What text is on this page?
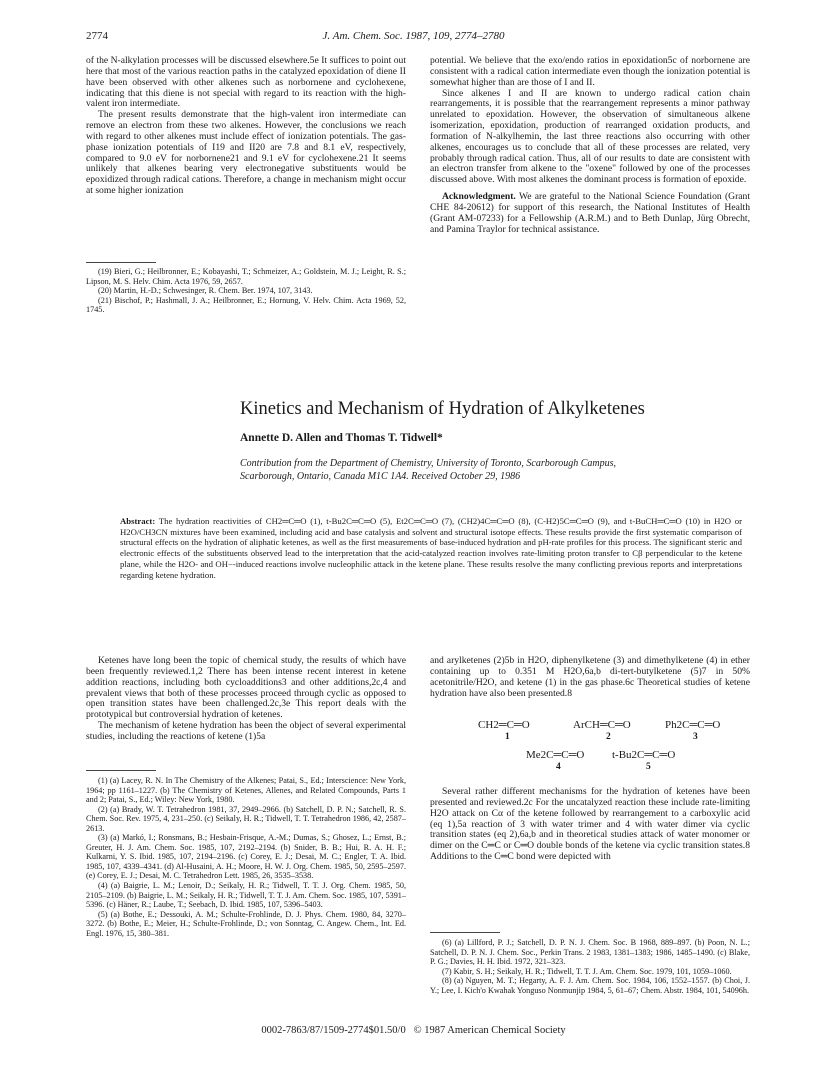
2774	J. Am. Chem. Soc. 1987, 109, 2774–2780

of the N-alkylation processes will be discussed elsewhere.5e It suffices to point out here that most of the various reaction paths in the catalyzed epoxidation of diene II have been observed with other alkenes such as norbornene and cyclohexene, indicating that this diene is not special with regard to its reaction with the high-valent iron intermediate.

The present results demonstrate that the high-valent iron intermediate can remove an electron from these two alkenes. However, the conclusions we reach with regard to other alkenes must include effect of ionization potentials. The gas-phase ionization potentials of I19 and II20 are 7.8 and 8.1 eV, respectively, compared to 9.0 eV for norbornene21 and 9.1 eV for cyclohexene.21 It seems unlikely that alkenes bearing very electronegative substituents would be epoxidized through radical cations. Therefore, a change in mechanism might occur at some higher ionization

(19) Bieri, G.; Heilbronner, E.; Kobayashi, T.; Schmeizer, A.; Goldstein, M. J.; Leight, R. S.; Lipson, M. S. Helv. Chim. Acta 1976, 59, 2657.
(20) Martin, H.-D.; Schwesinger, R. Chem. Ber. 1974, 107, 3143.
(21) Bischof, P.; Hashmall, J. A.; Heilbronner, E.; Hornung, V. Helv. Chim. Acta 1969, 52, 1745.

potential. We believe that the exo/endo ratios in epoxidation5c of norbornene are consistent with a radical cation intermediate even though the ionization potential is somewhat higher than are those of I and II.

Since alkenes I and II are known to undergo radical cation chain rearrangements, it is possible that the rearrangement represents a minor pathway unrelated to epoxidation. However, the observation of simultaneous alkene isomerization, epoxidation, production of rearranged oxidation products, and formation of N-alkylhemin, the last three reactions also occurring with other alkenes, encourages us to conclude that all of these processes are related, very probably through radical cation. Thus, all of our results to date are consistent with an electron transfer from alkene to the "oxene" followed by one of the processes discussed above. With most alkenes the dominant process is formation of epoxide.

Acknowledgment. We are grateful to the National Science Foundation (Grant CHE 84-20612) for support of this research, the National Institutes of Health (Grant AM-07233) for a Fellowship (A.R.M.) and to Beth Dunlap, Jürg Obrecht, and Pamina Traylor for technical assistance.

Kinetics and Mechanism of Hydration of Alkylketenes
Annette D. Allen and Thomas T. Tidwell*
Contribution from the Department of Chemistry, University of Toronto, Scarborough Campus,
Scarborough, Ontario, Canada M1C 1A4. Received October 29, 1986
Abstract: The hydration reactivities of CH2═C═O (1), t-Bu2C═C═O (5), Et2C═C═O (7), (CH2)4C═C═O (8), (C-H2)5C═C═O (9), and t-BuCH═C═O (10) in H2O or H2O/CH3CN mixtures have been examined, including acid and base catalysis and solvent and structural isotope effects. These results provide the first systematic comparison of structural effects on the hydration of aliphatic ketenes, as well as the first measurements of base-induced hydration and pH-rate profiles for this process. The significant steric and electronic effects of the substituents observed lead to the interpretation that the acid-catalyzed reaction involves rate-limiting proton transfer to Cβ perpendicular to the ketene plane, while the H2O- and OH−-induced reactions involve nucleophilic attack in the ketene plane. These results resolve the many conflicting previous reports and interpretations regarding ketene hydration.

Ketenes have long been the topic of chemical study, the results of which have been frequently reviewed.1,2 There has been intense recent interest in ketene addition reactions, including both cycloadditions3 and other additions,2c,4 and prevalent views that both of these processes proceed through cyclic as opposed to open transition states have been challenged.2c,3e This report deals with the prototypical but controversial hydration of ketenes.

The mechanism of ketene hydration has been the object of several experimental studies, including the reactions of ketene (1)5a

(1) (a) Lacey, R. N. In The Chemistry of the Alkenes; Patai, S., Ed.; Interscience: New York, 1964; pp 1161–1227. (b) The Chemistry of Ketenes, Allenes, and Related Compounds, Parts 1 and 2; Patai, S., Ed.; Wiley: New York, 1980.
(2) (a) Brady, W. T. Tetrahedron 1981, 37, 2949–2966. (b) Satchell, D. P. N.; Satchell, R. S. Chem. Soc. Rev. 1975, 4, 231–250. (c) Seikaly, H. R.; Tidwell, T. T. Tetrahedron 1986, 42, 2587–2613.
(3) (a) Markó, I.; Ronsmans, B.; Hesbain-Frisque, A.-M.; Dumas, S.; Ghosez, L.; Ernst, B.; Greuter, H. J. Am. Chem. Soc. 1985, 107, 2192–2194. (b) Snider, B. B.; Hui, R. A. H. F.; Kulkarni, Y. S. Ibid. 1985, 107, 2194–2196. (c) Corey, E. J.; Desai, M. C.; Engler, T. A. Ibid. 1985, 107, 4339–4341. (d) Al-Husaini, A. H.; Moore, H. W. J. Org. Chem. 1985, 50, 2595–2597. (e) Corey, E. J.; Desai, M. C. Tetrahedron Lett. 1985, 26, 3535–3538.
(4) (a) Baigrie, L. M.; Lenoir, D.; Seikaly, H. R.; Tidwell, T. T. J. Org. Chem. 1985, 50, 2105–2109. (b) Baigrie, L. M.; Seikaly, H. R.; Tidwell, T. T. J. Am. Chem. Soc. 1985, 107, 5391–5396. (c) Häner, R.; Laube, T.; Seebach, D. Ibid. 1985, 107, 5396–5403.
(5) (a) Bothe, E.; Dessouki, A. M.; Schulte-Frohlinde, D. J. Phys. Chem. 1980, 84, 3270–3272. (b) Bothe, E.; Meier, H.; Schulte-Frohlinde, D.; von Sonntag, C. Angew. Chem., Int. Ed. Engl. 1976, 15, 380–381.

and arylketenes (2)5b in H2O, diphenylketene (3) and dimethylketene (4) in ether containing up to 0.351 M H2O,6a,b di-tert-butylketene (5)7 in 50% acetonitrile/H2O, and ketene (1) in the gas phase.6c Theoretical studies of ketene hydration have also been presented.8

CH2═C═O
1
ArCH═C═O
2
Ph2C═C═O
3
Me2C═C═O
4
t-Bu2C═C═O
5

Several rather different mechanisms for the hydration of ketenes have been presented and reviewed.2c For the uncatalyzed reaction these include rate-limiting H2O attack on Cα of the ketene followed by rearrangement to a carboxylic acid (eq 1),5a reaction of 3 with water trimer and 4 with water dimer via cyclic transition states (eq 2),6a,b and in theoretical studies attack of water monomer or dimer on the C═C or C═O double bonds of the ketene via cyclic transition states.8 Additions to the C═C bond were depicted with

(6) (a) Lillford, P. J.; Satchell, D. P. N. J. Chem. Soc. B 1968, 889–897. (b) Poon, N. L.; Satchell, D. P. N. J. Chem. Soc., Perkin Trans. 2 1983, 1381–1383; 1986, 1485–1490. (c) Blake, P. G.; Davies, H. H. Ibid. 1972, 321–323.
(7) Kabir, S. H.; Seikaly, H. R.; Tidwell, T. T. J. Am. Chem. Soc. 1979, 101, 1059–1060.
(8) (a) Nguyen, M. T.; Hegarty, A. F. J. Am. Chem. Soc. 1984, 106, 1552–1557. (b) Choi, J. Y.; Lee, I. Kich'o Kwahak Yonguso Nonmunjip 1984, 5, 61–67; Chem. Abstr. 1984, 101, 54096h.
0002-7863/87/1509-2774$01.50/0 © 1987 American Chemical Society
